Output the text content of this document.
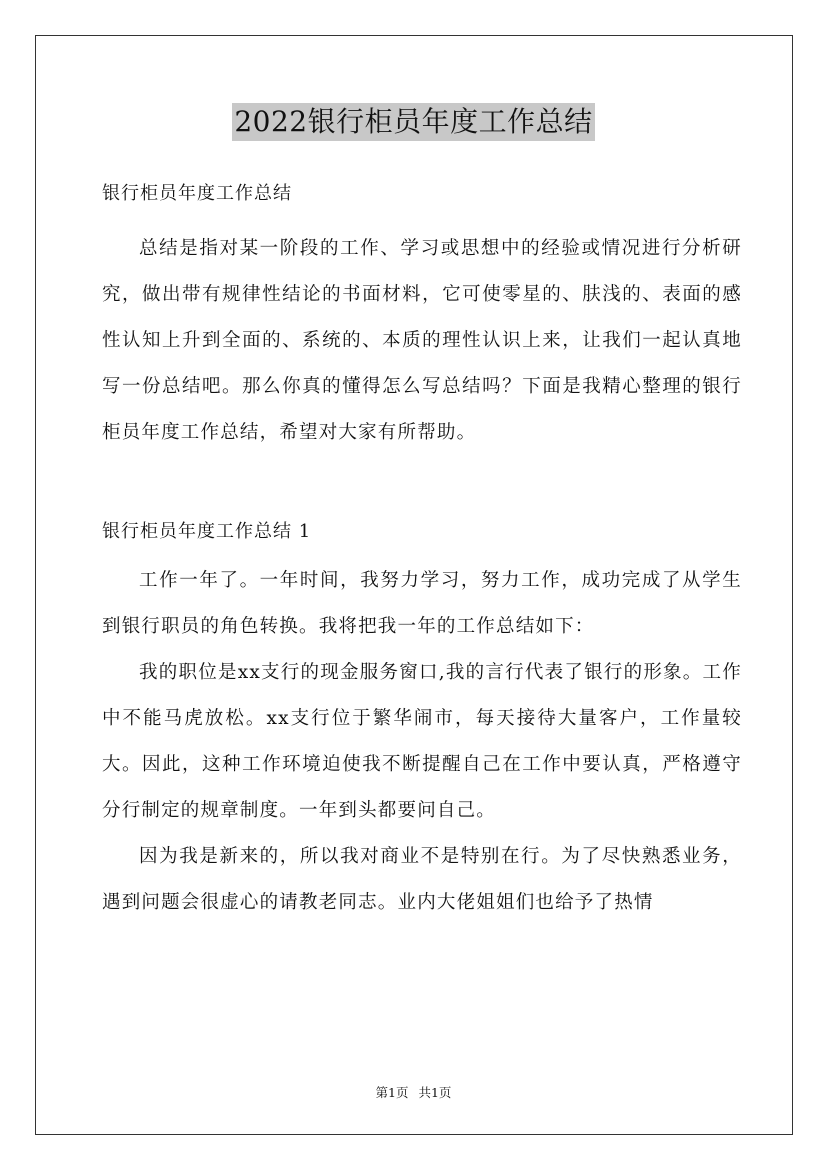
2022银行柜员年度工作总结

银行柜员年度工作总结

总结是指对某一阶段的工作、学习或思想中的经验或情况进行分析研究，做出带有规律性结论的书面材料，它可使零星的、肤浅的、表面的感性认知上升到全面的、系统的、本质的理性认识上来，让我们一起认真地写一份总结吧。那么你真的懂得怎么写总结吗？下面是我精心整理的银行柜员年度工作总结，希望对大家有所帮助。

银行柜员年度工作总结 1

工作一年了。一年时间，我努力学习，努力工作，成功完成了从学生到银行职员的角色转换。我将把我一年的工作总结如下：

我的职位是xx支行的现金服务窗口,我的言行代表了银行的形象。工作中不能马虎放松。xx支行位于繁华闹市，每天接待大量客户，工作量较大。因此，这种工作环境迫使我不断提醒自己在工作中要认真，严格遵守分行制定的规章制度。一年到头都要问自己。

因为我是新来的，所以我对商业不是特别在行。为了尽快熟悉业务，遇到问题会很虚心的请教老同志。业内大佬姐姐们也给予了热情

第1页 共1页
